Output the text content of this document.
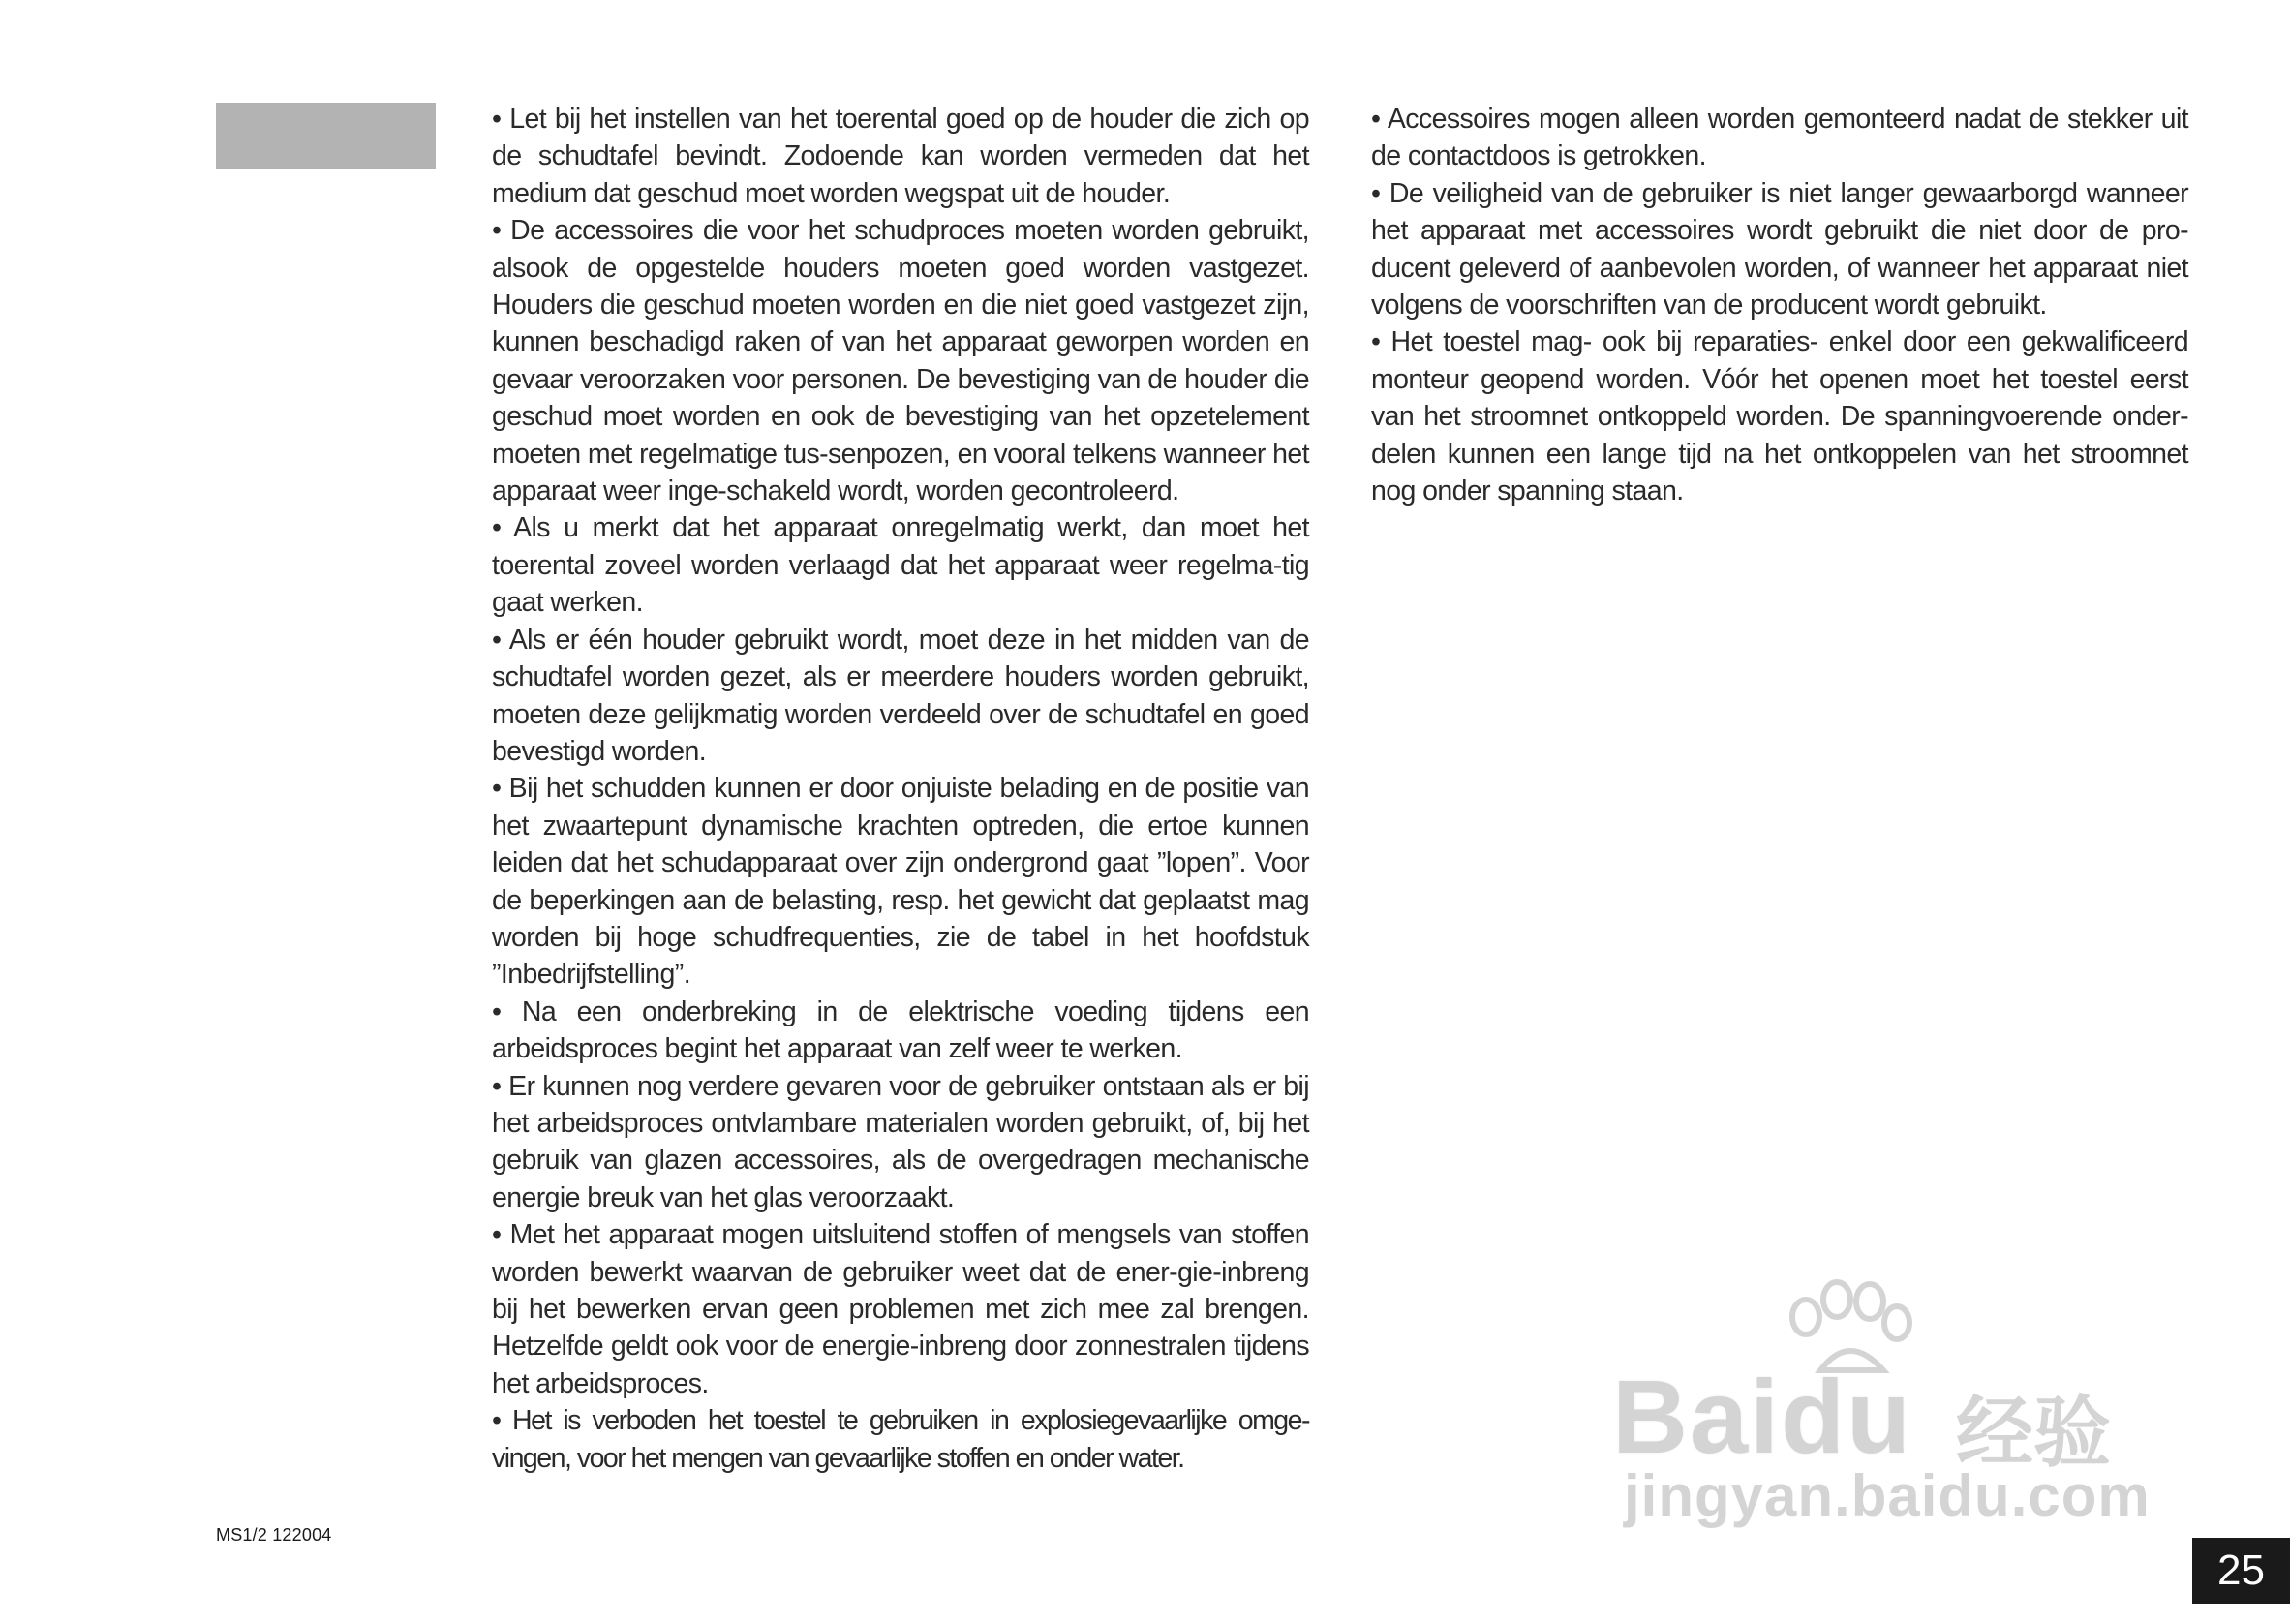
• Let bij het instellen van het toerental goed op de houder die zich op de schudtafel bevindt. Zodoende kan worden vermeden dat het medium dat geschud moet worden wegspat uit de houder.

• De accessoires die voor het schudproces moeten worden gebruikt, alsook de opgestelde houders moeten goed worden vastgezet. Houders die geschud moeten worden en die niet goed vastgezet zijn, kunnen beschadigd raken of van het apparaat geworpen worden en gevaar veroorzaken voor personen. De bevestiging van de houder die geschud moet worden en ook de bevestiging van het opzetelement moeten met regelmatige tus-senpozen, en vooral telkens wanneer het apparaat weer inge-schakeld wordt, worden gecontroleerd.

• Als u merkt dat het apparaat onregelmatig werkt, dan moet het toerental zoveel worden verlaagd dat het apparaat weer regelma-tig gaat werken.

• Als er één houder gebruikt wordt, moet deze in het midden van de schudtafel worden gezet, als er meerdere houders worden gebruikt, moeten deze gelijkmatig worden verdeeld over de schudtafel en goed bevestigd worden.

• Bij het schudden kunnen er door onjuiste belading en de positie van het zwaartepunt dynamische krachten optreden, die ertoe kunnen leiden dat het schudapparaat over zijn ondergrond gaat ”lopen”. Voor de beperkingen aan de belasting, resp. het gewicht dat geplaatst mag worden bij hoge schudfrequenties, zie de tabel in het hoofdstuk ”Inbedrijfstelling”.

• Na een onderbreking in de elektrische voeding tijdens een arbeidsproces begint het apparaat van zelf weer te werken.

• Er kunnen nog verdere gevaren voor de gebruiker ontstaan als er bij het arbeidsproces ontvlambare materialen worden gebruikt, of, bij het gebruik van glazen accessoires, als de overgedragen mechanische energie breuk van het glas veroorzaakt.

• Met het apparaat mogen uitsluitend stoffen of mengsels van stoffen worden bewerkt waarvan de gebruiker weet dat de ener-gie-inbreng bij het bewerken ervan geen problemen met zich mee zal brengen. Hetzelfde geldt ook voor de energie-inbreng door zonnestralen tijdens het arbeidsproces.

• Het is verboden het toestel te gebruiken in explosiegevaarlijke omge-vingen, voor het mengen van gevaarlijke stoffen en onder water.

• Accessoires mogen alleen worden gemonteerd nadat de stekker uit de contactdoos is getrokken.

• De veiligheid van de gebruiker is niet langer gewaarborgd wanneer het apparaat met accessoires wordt gebruikt die niet door de pro-ducent geleverd of aanbevolen worden, of wanneer het apparaat niet volgens de voorschriften van de producent wordt gebruikt.

• Het toestel mag- ook bij reparaties- enkel door een gekwalificeerd monteur geopend worden. Vóór het openen moet het toestel eerst van het stroomnet ontkoppeld worden. De spanningvoerende onder-delen kunnen een lange tijd na het ontkoppelen van het stroomnet nog onder spanning staan.

MS1/2 122004
25
Baidu 经验
jingyan.baidu.com
